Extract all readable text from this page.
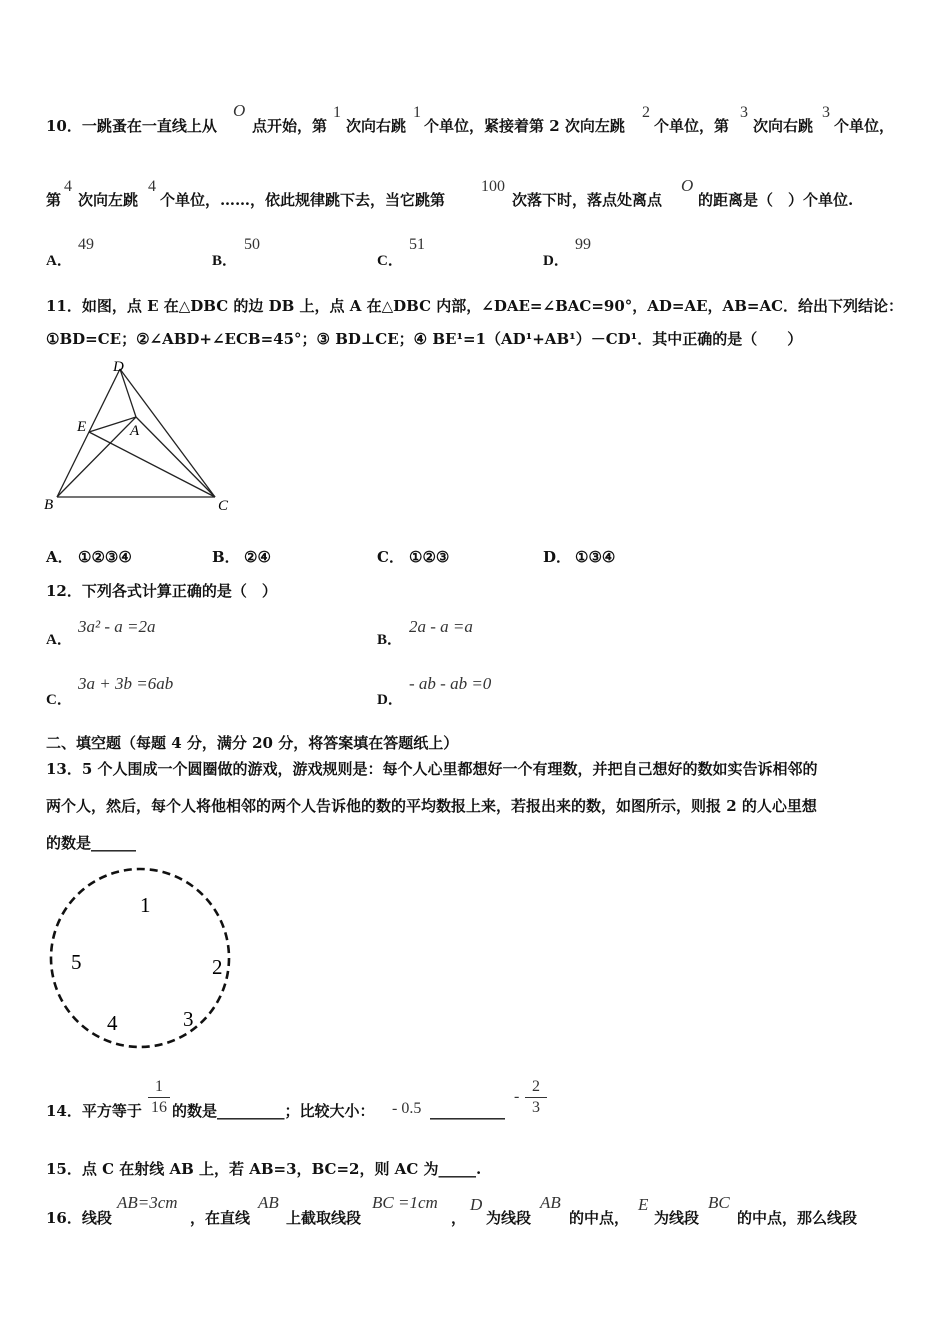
10．一跳蚤在一直线上从
O
点开始，第
1
次向右跳
1
个单位，紧接着第 2 次向左跳
2
个单位，第
3
次向右跳
3
个单位，
第
4
次向左跳
4
个单位，……，依此规律跳下去，当它跳第
100
次落下时，落点处离点
O
的距离是（　）个单位.
A．
49
B．
50
C．
51
D．
99
11．如图，点 E 在△DBC 的边 DB 上，点 A 在△DBC 内部，∠DAE=∠BAC=90°，AD=AE，AB=AC．给出下列结论：
①BD=CE；②∠ABD+∠ECB=45°；③ BD⊥CE；④ BE¹=1（AD¹+AB¹）－CD¹．其中正确的是（　　）
D
E	A
B	C
A． ①②③④	B． ②④	C． ①②③	D． ①③④
12．下列各式计算正确的是（　）
A．
3a² - a =2a
B．
2a - a =a
C．
3a + 3b =6ab
D．
- ab - ab =0
二、填空题（每题 4 分，满分 20 分，将答案填在答题纸上）
13．5 个人围成一个圆圈做的游戏，游戏规则是：每个人心里都想好一个有理数，并把自己想好的数如实告诉相邻的
两个人，然后，每个人将他相邻的两个人告诉他的数的平均数报上来，若报出来的数，如图所示，则报 2 的人心里想
的数是______
1
2
3
4
5
14．平方等于 $\frac{1}{16}$ 的数是_________；比较大小： - 0.5 __________
- $\frac{2}{3}$
15．点 C 在射线 AB 上，若 AB=3，BC=2，则 AC 为_____.
16．线段
AB=3cm
，在直线
AB
上截取线段
BC =1cm
，
D
为线段
AB
的中点，
E
为线段
BC
的中点，那么线段
